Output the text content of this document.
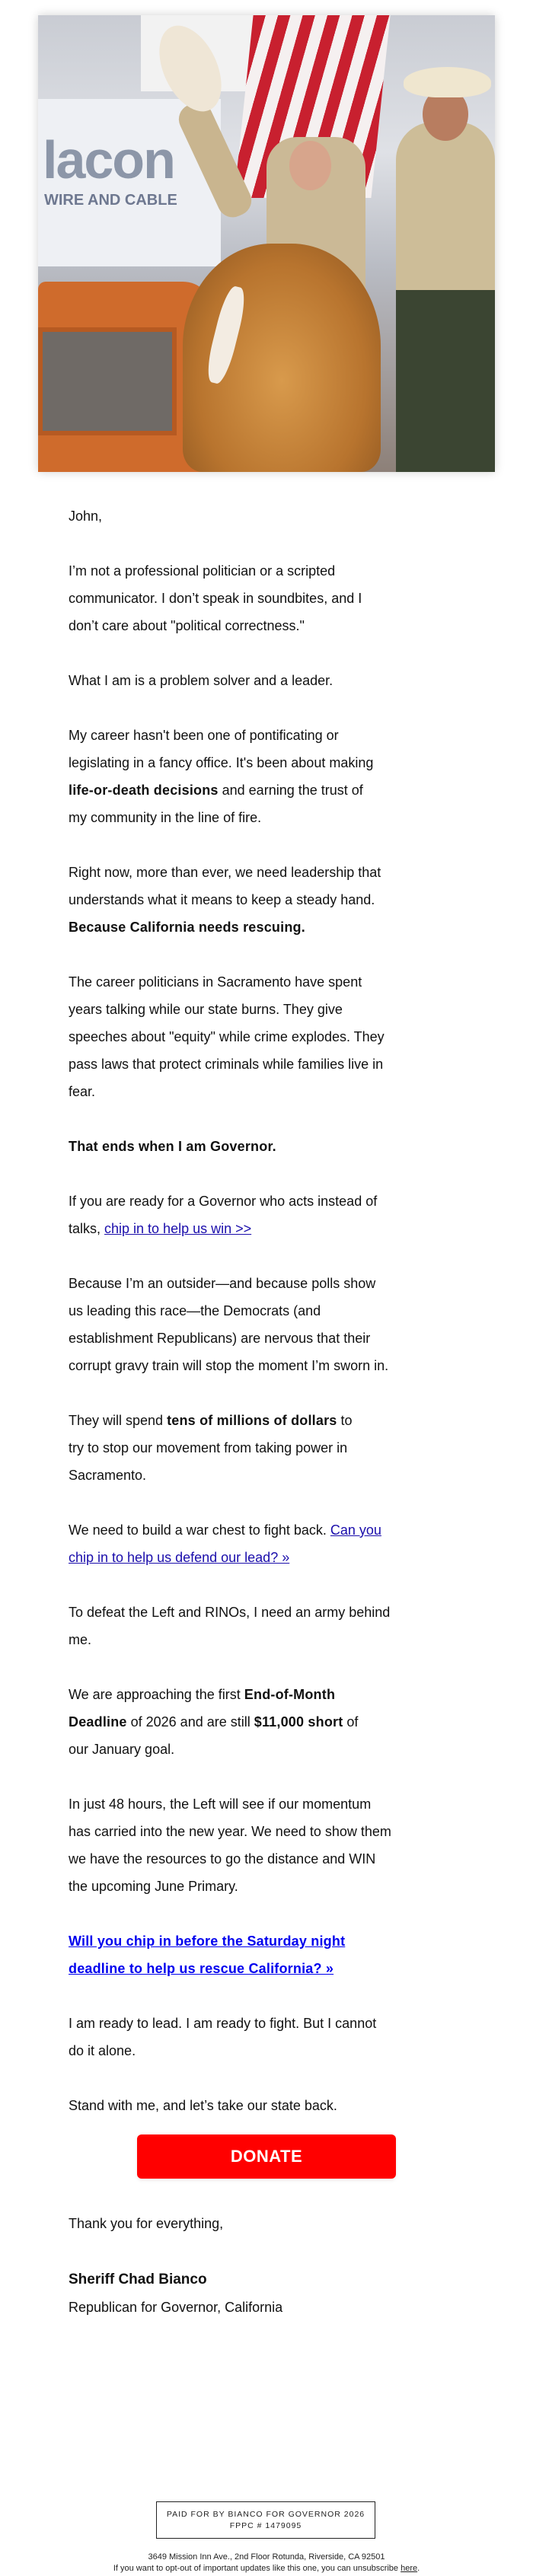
lacon
WIRE AND CABLE

John,

I’m not a professional politician or a scripted
communicator. I don’t speak in soundbites, and I
don’t care about "political correctness."

What I am is a problem solver and a leader.

My career hasn't been one of pontificating or
legislating in a fancy office. It's been about making
life-or-death decisions and earning the trust of
my community in the line of fire.

Right now, more than ever, we need leadership that
understands what it means to keep a steady hand.
Because California needs rescuing.

The career politicians in Sacramento have spent
years talking while our state burns. They give
speeches about "equity" while crime explodes. They
pass laws that protect criminals while families live in
fear.

That ends when I am Governor.

If you are ready for a Governor who acts instead of
talks, chip in to help us win >>

Because I’m an outsider—and because polls show
us leading this race—the Democrats (and
establishment Republicans) are nervous that their
corrupt gravy train will stop the moment I’m sworn in.

They will spend tens of millions of dollars to
try to stop our movement from taking power in
Sacramento.

We need to build a war chest to fight back. Can you
chip in to help us defend our lead? »

To defeat the Left and RINOs, I need an army behind
me.

We are approaching the first End-of-Month
Deadline of 2026 and are still $11,000 short of
our January goal.

In just 48 hours, the Left will see if our momentum
has carried into the new year. We need to show them
we have the resources to go the distance and WIN
the upcoming June Primary.

Will you chip in before the Saturday night
deadline to help us rescue California? »

I am ready to lead. I am ready to fight. But I cannot
do it alone.

Stand with me, and let’s take our state back.

DONATE
Thank you for everything,
Sheriff Chad Bianco
Republican for Governor, California
PAID FOR BY BIANCO FOR GOVERNOR 2026
FPPC # 1479095
3649 Mission Inn Ave., 2nd Floor Rotunda, Riverside, CA 92501
If you want to opt-out of important updates like this one, you can unsubscribe here.
